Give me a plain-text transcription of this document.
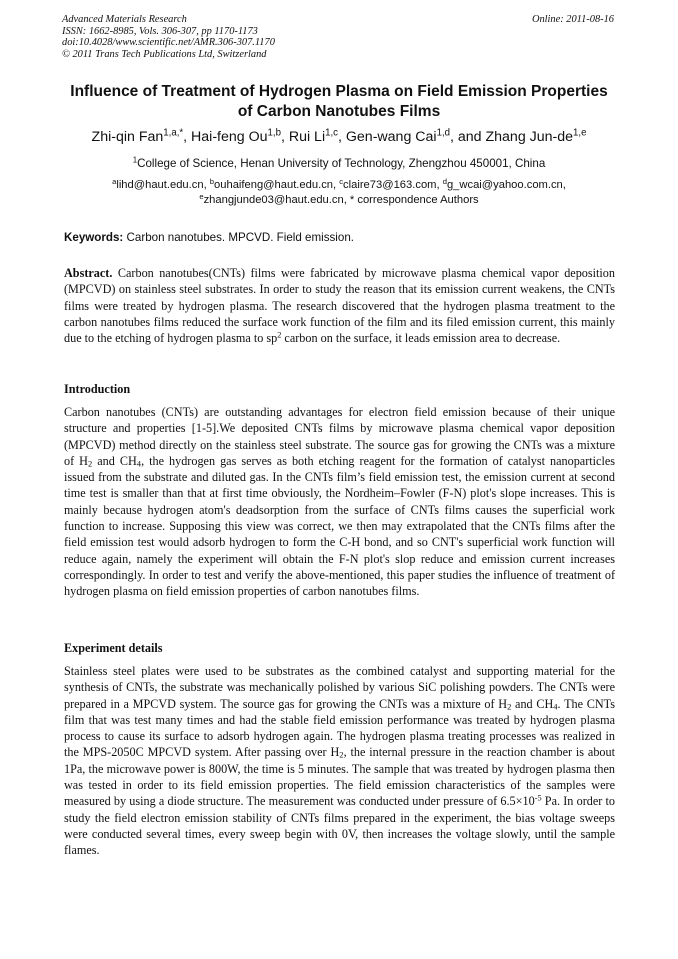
Advanced Materials Research
ISSN: 1662-8985, Vols. 306-307, pp 1170-1173
doi:10.4028/www.scientific.net/AMR.306-307.1170
© 2011 Trans Tech Publications Ltd, Switzerland
Online: 2011-08-16
Influence of Treatment of Hydrogen Plasma on Field Emission Properties
of Carbon Nanotubes Films
Zhi-qin Fan$^{1,a,*}$, Hai-feng Ou$^{1,b}$, Rui Li$^{1,c}$, Gen-wang Cai$^{1,d}$, and Zhang Jun-de$^{1,e}$
$^1$College of Science, Henan University of Technology, Zhengzhou 450001, China
$^a$lihd@haut.edu.cn, $^b$ouhaifeng@haut.edu.cn, $^c$claire73@163.com, $^d$g_wcai@yahoo.com.cn,
$^e$zhangjunde03@haut.edu.cn, * correspondence Authors
Keywords: Carbon nanotubes. MPCVD. Field emission.
Abstract. Carbon nanotubes(CNTs) films were fabricated by microwave plasma chemical vapor deposition (MPCVD) on stainless steel substrates. In order to study the reason that its emission current weakens, the CNTs films were treated by hydrogen plasma. The research discovered that the hydrogen plasma treatment to the carbon nanotubes films reduced the surface work function of the film and its filed emission current, this mainly due to the etching of hydrogen plasma to $sp^2$ carbon on the surface, it leads emission area to decrease.
Introduction
Carbon nanotubes (CNTs) are outstanding advantages for electron field emission because of their unique structure and properties [1-5].We deposited CNTs films by microwave plasma chemical vapor deposition (MPCVD) method directly on the stainless steel substrate. The source gas for growing the CNTs was a mixture of $H_2$ and $CH_4$, the hydrogen gas serves as both etching reagent for the formation of catalyst nanoparticles issued from the substrate and diluted gas. In the CNTs film’s field emission test, the emission current at second time test is smaller than that at first time obviously, the Nordheim–Fowler (F-N) plot's slope increases. This is mainly because hydrogen atom's deadsorption from the surface of CNTs films causes the superficial work function to increase. Supposing this view was correct, we then may extrapolated that the CNTs films after the field emission test would adsorb hydrogen to form the C-H bond, and so CNT's superficial work function will reduce again, namely the experiment will obtain the F-N plot's slop reduce and emission current increases correspondingly. In order to test and verify the above-mentioned, this paper studies the influence of treatment of hydrogen plasma on field emission properties of carbon nanotubes films.
Experiment details
Stainless steel plates were used to be substrates as the combined catalyst and supporting material for the synthesis of CNTs, the substrate was mechanically polished by various SiC polishing powders. The CNTs were prepared in a MPCVD system. The source gas for growing the CNTs was a mixture of $H_2$ and $CH_4$. The CNTs film that was test many times and had the stable field emission performance was treated by hydrogen plasma process to cause its surface to adsorb hydrogen again. The hydrogen plasma treating processes was realized in the MPS-2050C MPCVD system. After passing over $H_2$, the internal pressure in the reaction chamber is about 1Pa, the microwave power is 800W, the time is 5 minutes. The sample that was treated by hydrogen plasma then was tested in order to its field emission properties. The field emission characteristics of the samples were measured by using a diode structure. The measurement was conducted under pressure of $6.5\times 10^{-5}$ Pa. In order to study the field electron emission stability of CNTs films prepared in the experiment, the bias voltage sweeps were conducted several times, every sweep begin with 0V, then increases the voltage slowly, until the sample flames.
